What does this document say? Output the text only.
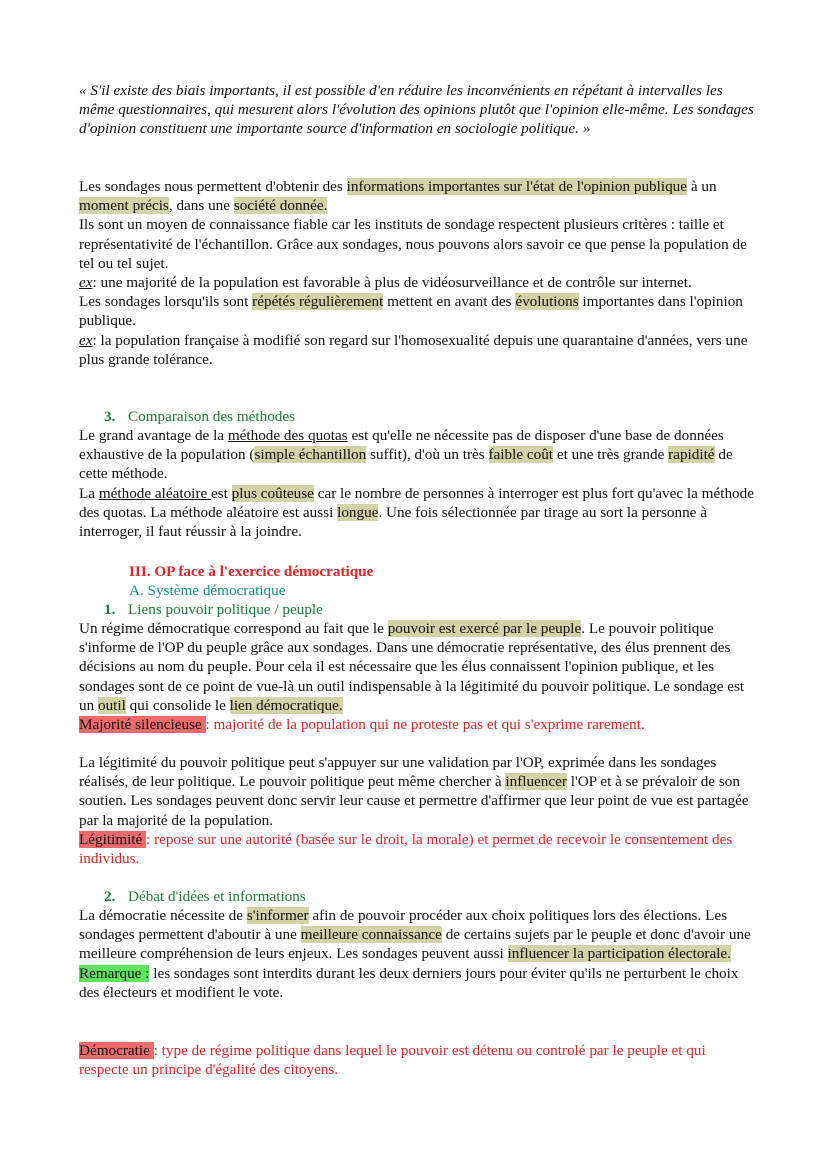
« S'il existe des biais importants, il est possible d'en réduire les inconvénients en répétant à intervalles les même questionnaires, qui mesurent alors l'évolution des opinions plutôt que l'opinion elle-même. Les sondages d'opinion constituent une importante source d'information en sociologie politique. »

Les sondages nous permettent d'obtenir des informations importantes sur l'état de l'opinion publique à un moment précis, dans une société donnée.
Ils sont un moyen de connaissance fiable car les instituts de sondage respectent plusieurs critères : taille et représentativité de l'échantillon. Grâce aux sondages, nous pouvons alors savoir ce que pense la population de tel ou tel sujet.
ex: une majorité de la population est favorable à plus de vidéosurveillance et de contrôle sur internet.
Les sondages lorsqu'ils sont répétés régulièrement mettent en avant des évolutions importantes dans l'opinion publique.
ex: la population française à modifié son regard sur l'homosexualité depuis une quarantaine d'années, vers une plus grande tolérance.

3. Comparaison des méthodes

Le grand avantage de la méthode des quotas est qu'elle ne nécessite pas de disposer d'une base de données exhaustive de la population (simple échantillon suffit), d'où un très faible coût et une très grande rapidité de cette méthode.
La méthode aléatoire est plus coûteuse car le nombre de personnes à interroger est plus fort qu'avec la méthode des quotas. La méthode aléatoire est aussi longue. Une fois sélectionnée par tirage au sort la personne à interroger, il faut réussir à la joindre.

III. OP face à l'exercice démocratique
A. Système démocratique
1. Liens pouvoir politique / peuple

Un régime démocratique correspond au fait que le pouvoir est exercé par le peuple. Le pouvoir politique s'informe de l'OP du peuple grâce aux sondages. Dans une démocratie représentative, des élus prennent des décisions au nom du peuple. Pour cela il est nécessaire que les élus connaissent l'opinion publique, et les sondages sont de ce point de vue-là un outil indispensable à la légitimité du pouvoir politique. Le sondage est un outil qui consolide le lien démocratique.
Majorité silencieuse : majorité de la population qui ne proteste pas et qui s'exprime rarement.

La légitimité du pouvoir politique peut s'appuyer sur une validation par l'OP, exprimée dans les sondages réalisés, de leur politique. Le pouvoir politique peut même chercher à influencer l'OP et à se prévaloir de son soutien. Les sondages peuvent donc servir leur cause et permettre d'affirmer que leur point de vue est partagée par la majorité de la population.
Légitimité : repose sur une autorité (basée sur le droit, la morale) et permet de recevoir le consentement des individus.

2. Débat d'idées et informations

La démocratie nécessite de s'informer afin de pouvoir procéder aux choix politiques lors des élections. Les sondages permettent d'aboutir à une meilleure connaissance de certains sujets par le peuple et donc d'avoir une meilleure compréhension de leurs enjeux. Les sondages peuvent aussi influencer la participation électorale.
Remarque : les sondages sont interdits durant les deux derniers jours pour éviter qu'ils ne perturbent le choix des électeurs et modifient le vote.

Démocratie : type de régime politique dans lequel le pouvoir est détenu ou controlé par le peuple et qui respecte un principe d'égalité des citoyens.
